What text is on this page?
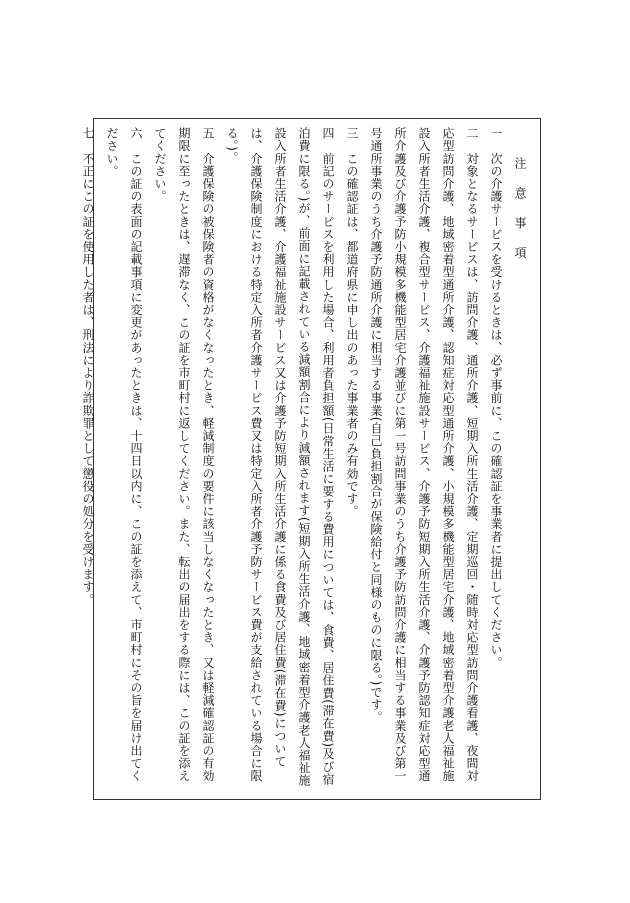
注 意 事 項
一　次の介護サービスを受けるときは、必ず事前に、この確認証を事業者に提出してください。
二　対象となるサービスは、訪問介護、通所介護、短期入所生活介護、定期巡回・随時対応型訪問介護看護、夜間対応型訪問介護、地域密着型通所介護、認知症対応型通所介護、小規模多機能型居宅介護、地域密着型介護老人福祉施設入所者生活介護、複合型サービス、介護福祉施設サービス、介護予防短期入所生活介護、介護予防認知症対応型通所介護及び介護予防小規模多機能型居宅介護並びに第一号訪問事業のうち介護予防訪問介護に相当する事業及び第一号通所事業のうち介護予防通所介護に相当する事業(自己負担割合が保険給付と同様のものに限る。)です。
三　この確認証は、都道府県に申し出のあった事業者のみ有効です。
四　前記のサービスを利用した場合、利用者負担額(日常生活に要する費用については、食費、居住費(滞在費)及び宿泊費に限る。)が、前面に記載されている減額割合により減額されます(短期入所生活介護、地域密着型介護老人福祉施設入所者生活介護、介護福祉施設サービス又は介護予防短期入所生活介護に係る食費及び居住費(滞在費)については、介護保険制度における特定入所者介護サービス費又は特定入所者介護予防サービス費が支給されている場合に限る。)。
五　介護保険の被保険者の資格がなくなったとき、軽減制度の要件に該当しなくなったとき、又は軽減確認証の有効期限に至ったときは、遅滞なく、この証を市町村に返してください。また、転出の届出をする際には、この証を添えてください。
六　この証の表面の記載事項に変更があったときは、十四日以内に、この証を添えて、市町村にその旨を届け出てください。
七　不正にこの証を使用した者は、刑法により詐欺罪として懲役の処分を受けます。
